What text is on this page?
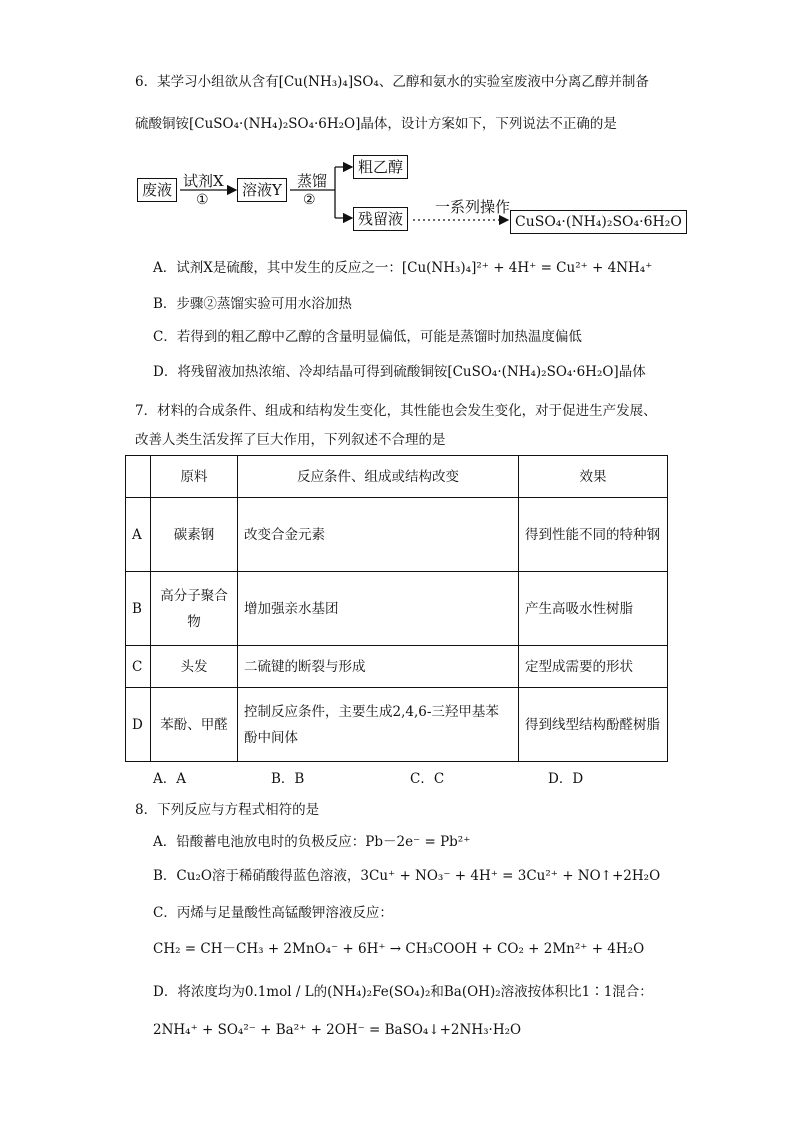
6．某学习小组欲从含有[Cu(NH₃)₄]SO₄、乙醇和氨水的实验室废液中分离乙醇并制备
硫酸铜铵[CuSO₄·(NH₄)₂SO₄·6H₂O]晶体，设计方案如下，下列说法不正确的是
废液 试剂X
①
溶液Y	蒸馏
②
粗乙醇
残留液
一系列操作
CuSO₄·(NH₄)₂SO₄·6H₂O
A．试剂X是硫酸，其中发生的反应之一：[Cu(NH₃)₄]²⁺ + 4H⁺ = Cu²⁺ + 4NH₄⁺
B．步骤②蒸馏实验可用水浴加热
C．若得到的粗乙醇中乙醇的含量明显偏低，可能是蒸馏时加热温度偏低
D．将残留液加热浓缩、冷却结晶可得到硫酸铜铵[CuSO₄·(NH₄)₂SO₄·6H₂O]晶体
7．材料的合成条件、组成和结构发生变化，其性能也会发生变化，对于促进生产发展、
改善人类生活发挥了巨大作用，下列叙述不合理的是
	原料	反应条件、组成或结构改变	效果
A	碳素钢	改变合金元素	得到性能不同的特种钢
B	高分子聚合物	增加强亲水基团	产生高吸水性树脂
C	头发	二硫键的断裂与形成	定型成需要的形状
D	苯酚、甲醛	控制反应条件，主要生成2,4,6-三羟甲基苯酚中间体	得到线型结构酚醛树脂
A．A	B．B	C．C	D．D
8．下列反应与方程式相符的是
A．铅酸蓄电池放电时的负极反应：Pb－2e⁻ = Pb²⁺
B．Cu₂O溶于稀硝酸得蓝色溶液，3Cu⁺ + NO₃⁻ + 4H⁺ = 3Cu²⁺ + NO↑+2H₂O
C．丙烯与足量酸性高锰酸钾溶液反应：
CH₂ = CH－CH₃ + 2MnO₄⁻ + 6H⁺ → CH₃COOH + CO₂ + 2Mn²⁺ + 4H₂O
D．将浓度均为0.1mol / L的(NH₄)₂Fe(SO₄)₂和Ba(OH)₂溶液按体积比1∶1混合：
2NH₄⁺ + SO₄²⁻ + Ba²⁺ + 2OH⁻ = BaSO₄↓+2NH₃·H₂O
